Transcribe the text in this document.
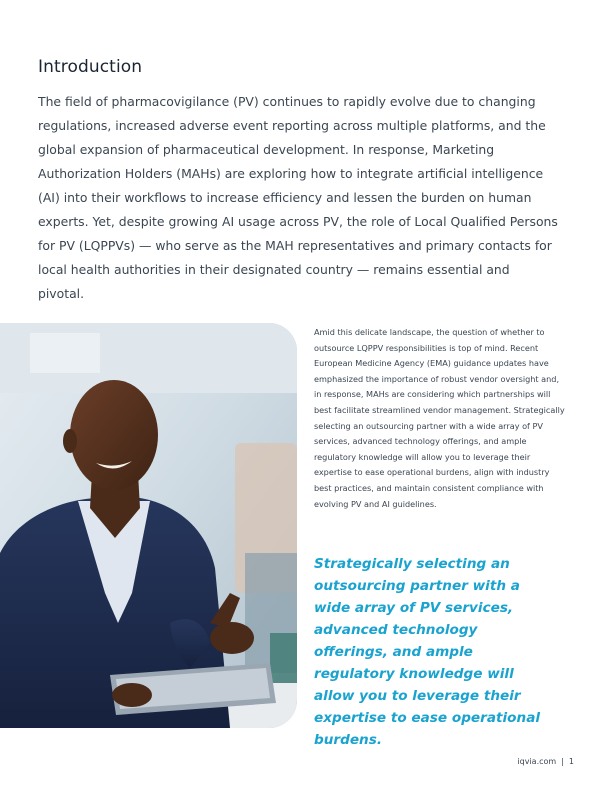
Introduction

The field of pharmacovigilance (PV) continues to rapidly evolve due to changing regulations, increased adverse event reporting across multiple platforms, and the global expansion of pharmaceutical development. In response, Marketing Authorization Holders (MAHs) are exploring how to integrate artificial intelligence (AI) into their workflows to increase efficiency and lessen the burden on human experts. Yet, despite growing AI usage across PV, the role of Local Qualified Persons for PV (LQPPVs) — who serve as the MAH representatives and primary contacts for local health authorities in their designated country — remains essential and pivotal.

Amid this delicate landscape, the question of whether to outsource LQPPV responsibilities is top of mind. Recent European Medicine Agency (EMA) guidance updates have emphasized the importance of robust vendor oversight and, in response, MAHs are considering which partnerships will best facilitate streamlined vendor management. Strategically selecting an outsourcing partner with a wide array of PV services, advanced technology offerings, and ample regulatory knowledge will allow you to leverage their expertise to ease operational burdens, align with industry best practices, and maintain consistent compliance with evolving PV and AI guidelines.

Strategically selecting an outsourcing partner with a wide array of PV services, advanced technology offerings, and ample regulatory knowledge will allow you to leverage their expertise to ease operational burdens.

iqvia.com | 1
